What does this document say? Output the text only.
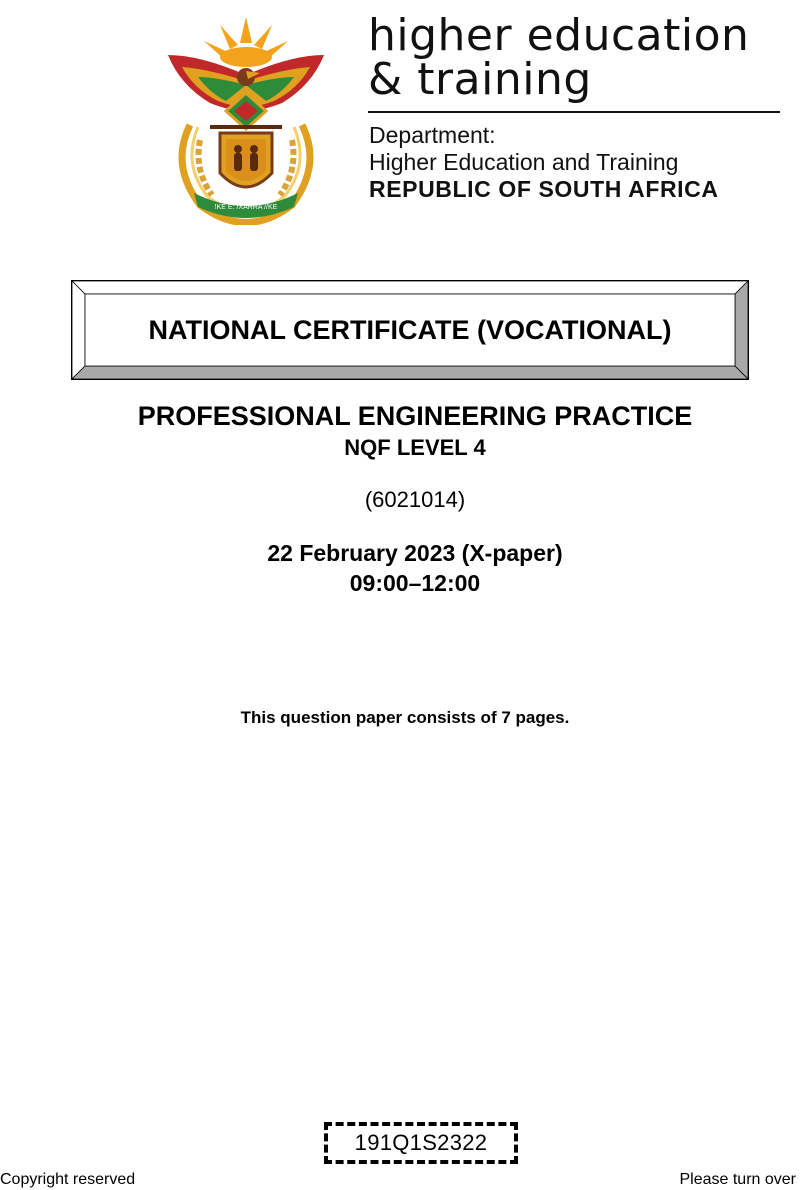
!KE E: /XARRA //KE
higher education
& training
Department:
Higher Education and Training
REPUBLIC OF SOUTH AFRICA
NATIONAL CERTIFICATE (VOCATIONAL)
PROFESSIONAL ENGINEERING PRACTICE
NQF LEVEL 4
(6021014)
22 February 2023 (X-paper)
09:00–12:00
This question paper consists of 7 pages.
191Q1S2322
Copyright reserved	Please turn over
